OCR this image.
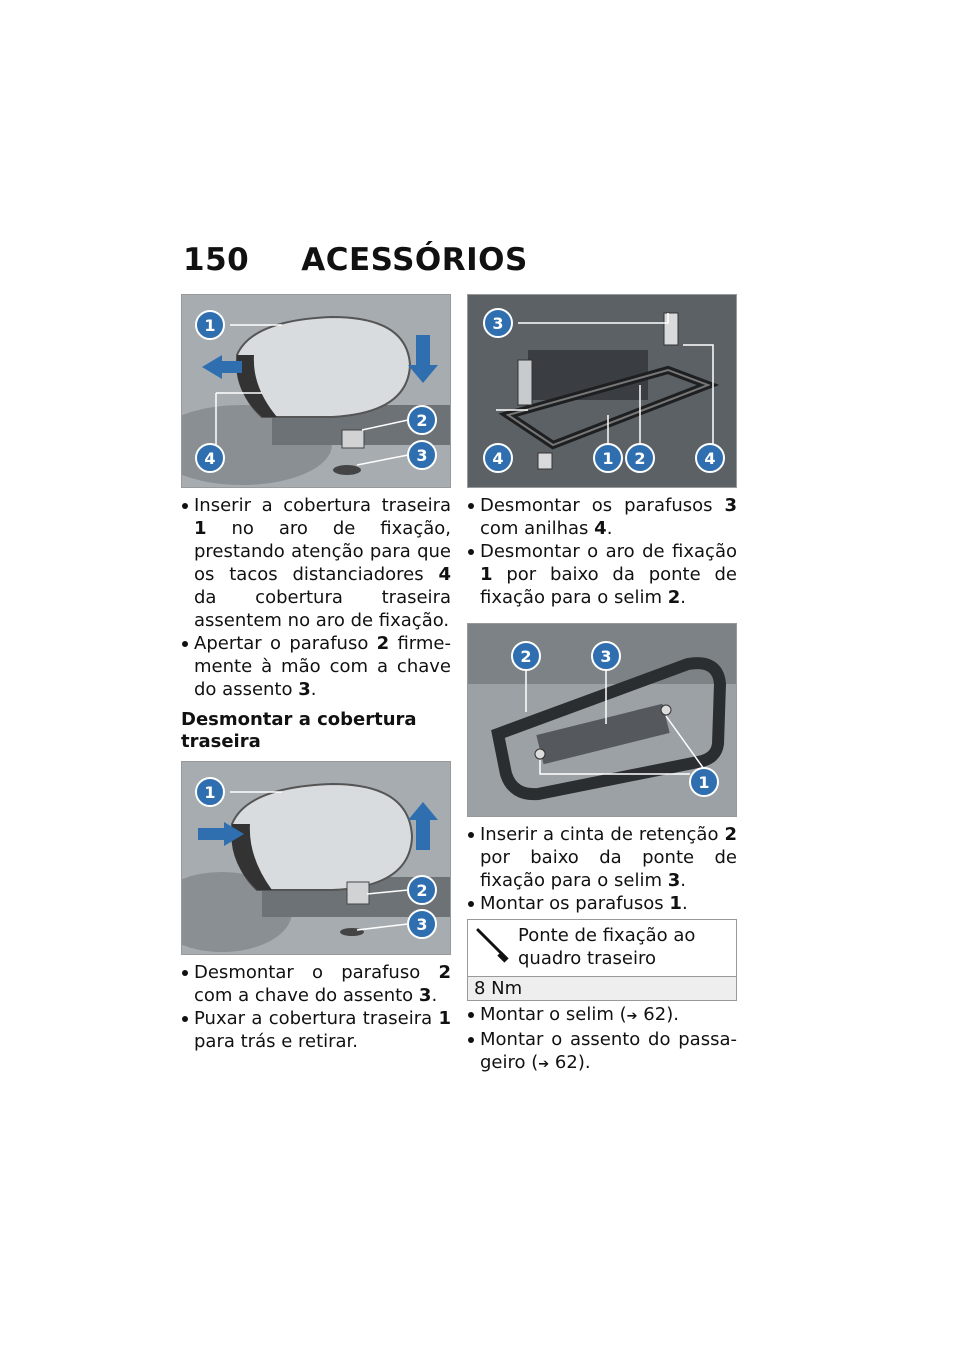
150 ACESSÓRIOS
1
2
3
4
Inserir a cobertura traseira 1 no aro de fixação, prestando atenção para que os tacos distanciadores 4 da cobertura traseira assentem no aro de fixação.
Apertar o parafuso 2 firme-mente à mão com a chave do assento 3.
Desmontar a cobertura traseira
1
2
3
Desmontar o parafuso 2 com a chave do assento 3.
Puxar a cobertura traseira 1 para trás e retirar.
3
4	1 2	4
Desmontar os parafusos 3 com anilhas 4.
Desmontar o aro de fixação 1 por baixo da ponte de fixação para o selim 2.
2	3
1
Inserir a cinta de retenção 2 por baixo da ponte de fixação para o selim 3.
Montar os parafusos 1.
Ponte de fixação ao quadro traseiro
8 Nm
Montar o selim (➔ 62).
Montar o assento do passa-geiro (➔ 62).
